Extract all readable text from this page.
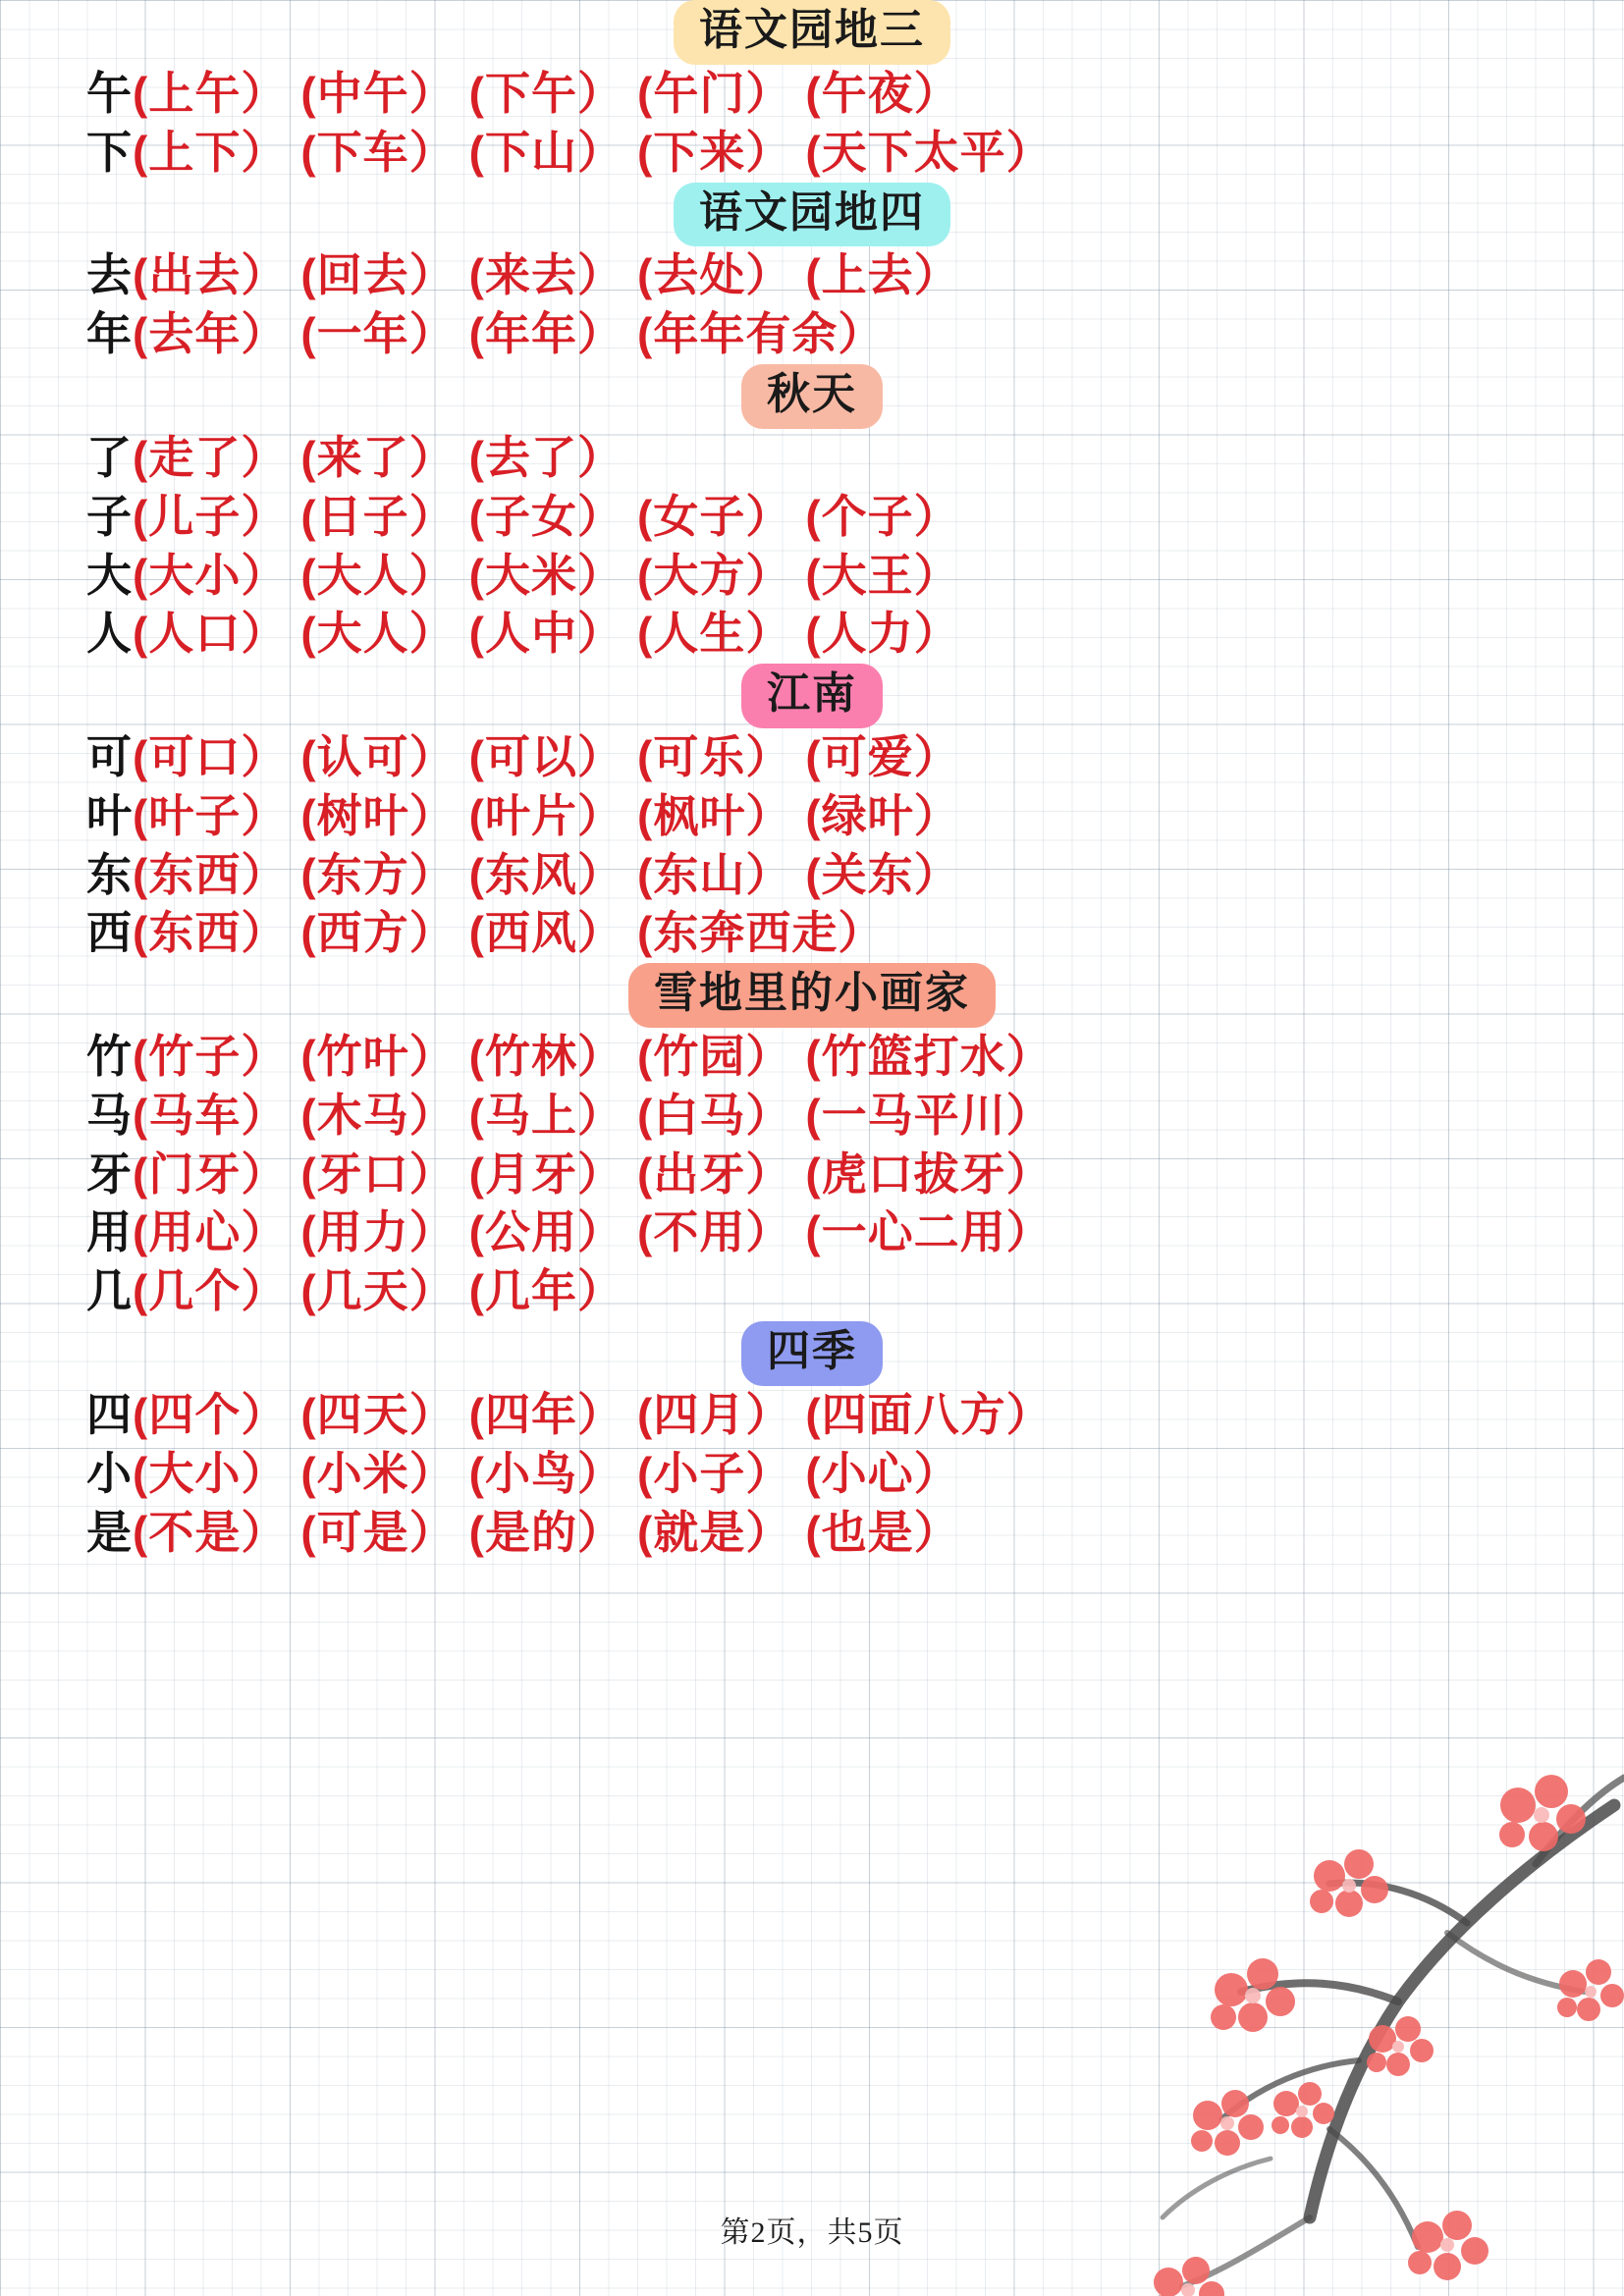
语文园地三
午(上午） (中午） (下午） (午门） (午夜）
下(上下） (下车） (下山） (下来） (天下太平）
语文园地四
去(出去） (回去） (来去） (去处） (上去）
年(去年） (一年） (年年） (年年有余）
秋天
了(走了） (来了） (去了）
子(儿子） (日子） (子女） (女子） (个子）
大(大小） (大人） (大米） (大方） (大王）
人(人口） (大人） (人中） (人生） (人力）
江南
可(可口） (认可） (可以） (可乐） (可爱）
叶(叶子） (树叶） (叶片） (枫叶） (绿叶）
东(东西） (东方） (东风） (东山） (关东）
西(东西） (西方） (西风） (东奔西走）
雪地里的小画家
竹(竹子） (竹叶） (竹林） (竹园） (竹篮打水）
马(马车） (木马） (马上） (白马） (一马平川）
牙(门牙） (牙口） (月牙） (出牙） (虎口拔牙）
用(用心） (用力） (公用） (不用） (一心二用）
几(几个） (几天） (几年）
四季
四(四个） (四天） (四年） (四月） (四面八方）
小(大小） (小米） (小鸟） (小子） (小心）
是(不是） (可是） (是的） (就是） (也是）
第2页，共5页
